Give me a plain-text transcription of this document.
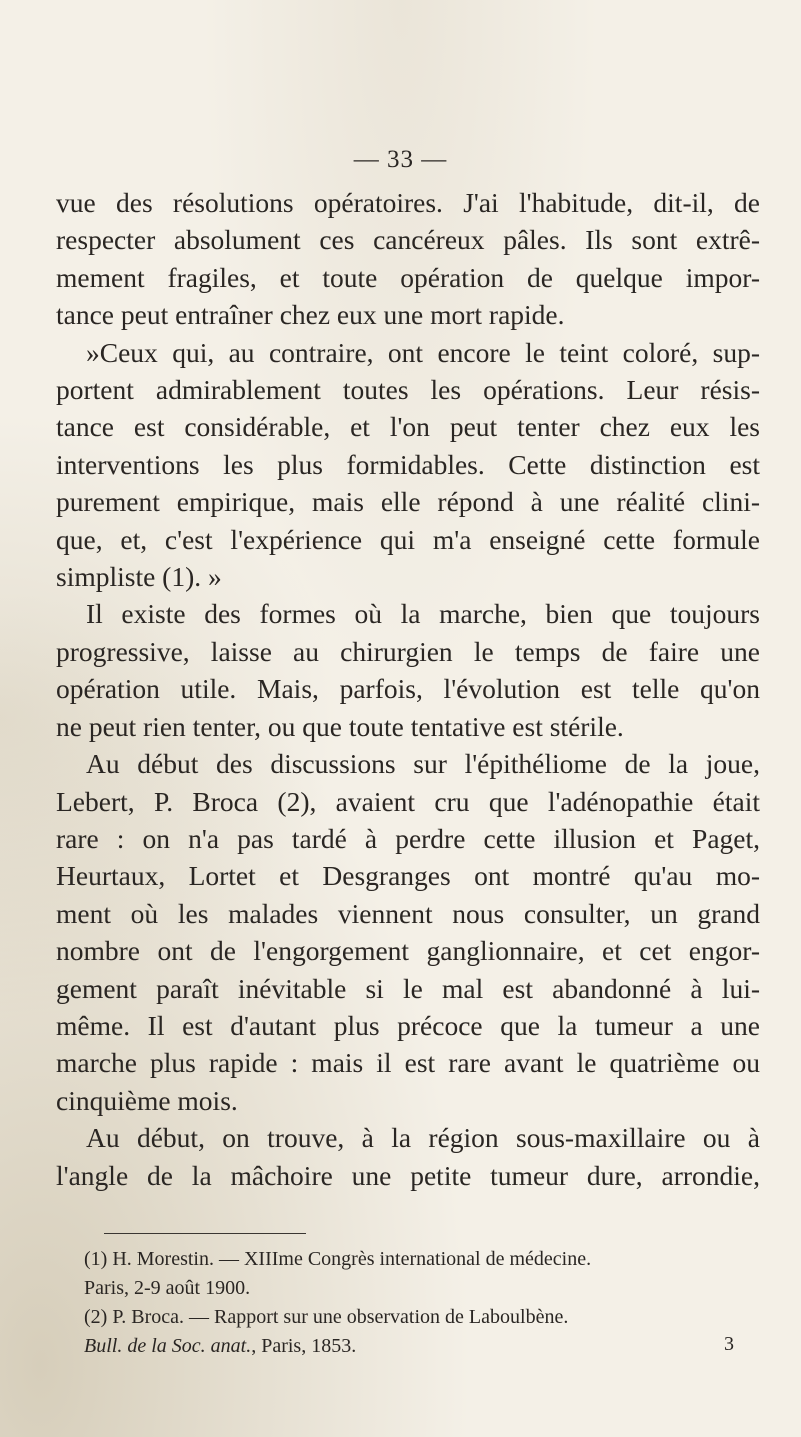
— 33 —
vue des résolutions opératoires. J'ai l'habitude, dit-il, de
respecter absolument ces cancéreux pâles. Ils sont extrê-
mement fragiles, et toute opération de quelque impor-
tance peut entraîner chez eux une mort rapide.
»Ceux qui, au contraire, ont encore le teint coloré, sup-
portent admirablement toutes les opérations. Leur résis-
tance est considérable, et l'on peut tenter chez eux les
interventions les plus formidables. Cette distinction est
purement empirique, mais elle répond à une réalité clini-
que, et, c'est l'expérience qui m'a enseigné cette formule
simpliste (1). »
Il existe des formes où la marche, bien que toujours
progressive, laisse au chirurgien le temps de faire une
opération utile. Mais, parfois, l'évolution est telle qu'on
ne peut rien tenter, ou que toute tentative est stérile.
Au début des discussions sur l'épithéliome de la joue,
Lebert, P. Broca (2), avaient cru que l'adénopathie était
rare : on n'a pas tardé à perdre cette illusion et Paget,
Heurtaux, Lortet et Desgranges ont montré qu'au mo-
ment où les malades viennent nous consulter, un grand
nombre ont de l'engorgement ganglionnaire, et cet engor-
gement paraît inévitable si le mal est abandonné à lui-
même. Il est d'autant plus précoce que la tumeur a une
marche plus rapide : mais il est rare avant le quatrième ou
cinquième mois.
Au début, on trouve, à la région sous-maxillaire ou à
l'angle de la mâchoire une petite tumeur dure, arrondie,
(1) H. Morestin. — XIIIme Congrès international de médecine.
Paris, 2-9 août 1900.
(2) P. Broca. — Rapport sur une observation de Laboulbène.
Bull. de la Soc. anat., Paris, 1853.	3
